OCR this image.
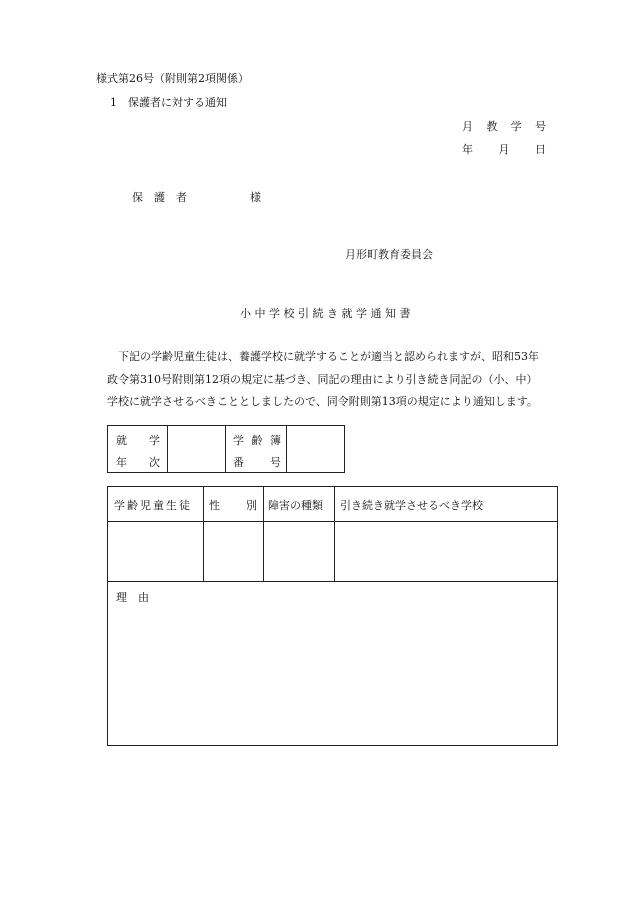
様式第26号（附則第2項関係）
1　保護者に対する通知
月 教 学 号
年 月 日
保　護　者	様
月形町教育委員会
小 中 学 校 引 続 き 就 学 通 知 書
　下記の学齢児童生徒は、養護学校に就学することが適当と認められますが、昭和53年
政令第310号附則第12項の規定に基づき、同記の理由により引き続き同記の（小、中）
学校に就学させるべきこととしましたので、同令附則第13項の規定により通知します。
就 学
年 次
学 齢 簿
番 号
学齢児童生徒 性 別 障害の種類 引き続き就学させるべき学校
理　由
